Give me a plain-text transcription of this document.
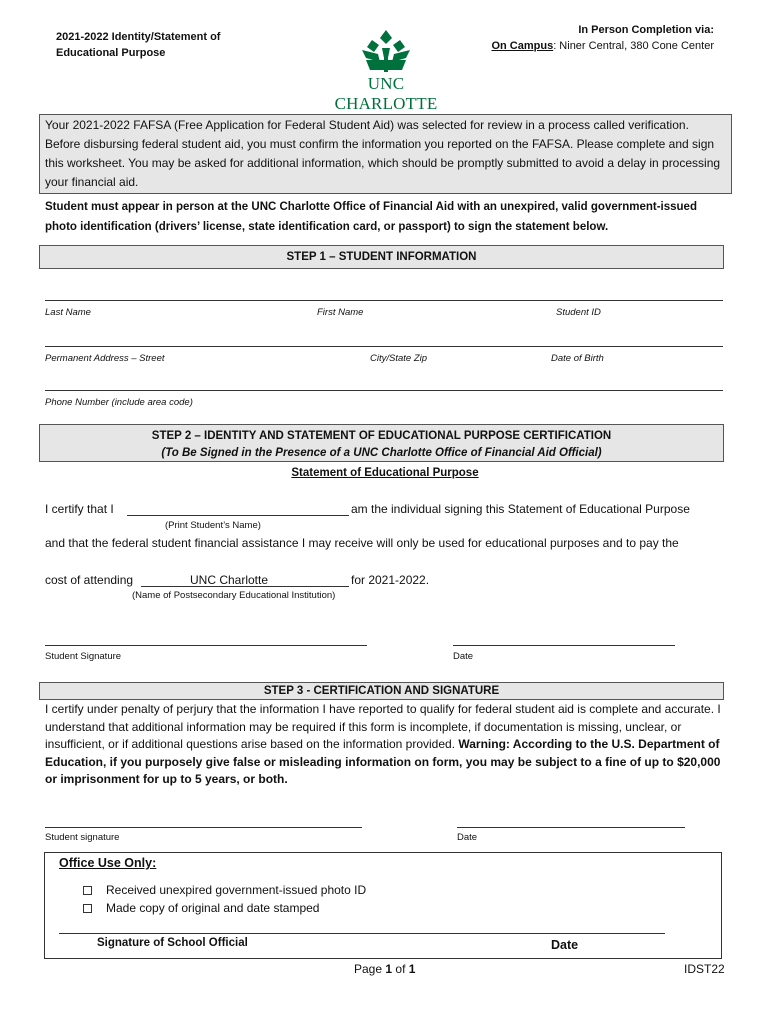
2021-2022 Identity/Statement of
Educational Purpose
UNC CHARLOTTE
In Person Completion via:
On Campus: Niner Central, 380 Cone Center
Your 2021-2022 FAFSA (Free Application for Federal Student Aid) was selected for review in a process called verification. Before disbursing federal student aid, you must confirm the information you reported on the FAFSA. Please complete and sign this worksheet. You may be asked for additional information, which should be promptly submitted to avoid a delay in processing your financial aid.
Student must appear in person at the UNC Charlotte Office of Financial Aid with an unexpired, valid government-issued photo identification (drivers’ license, state identification card, or passport) to sign the statement below.
STEP 1 – STUDENT INFORMATION
Last Name	First Name	Student ID
Permanent Address – Street	City/State Zip	Date of Birth
Phone Number (include area code)
STEP 2 – IDENTITY AND STATEMENT OF EDUCATIONAL PURPOSE CERTIFICATION
(To Be Signed in the Presence of a UNC Charlotte Office of Financial Aid Official)
Statement of Educational Purpose
I certify that I	am the individual signing this Statement of Educational Purpose
(Print Student’s Name)
and that the federal student financial assistance I may receive will only be used for educational purposes and to pay the
cost of attending	UNC Charlotte	for 2021-2022.
(Name of Postsecondary Educational Institution)
Student Signature	Date
STEP 3 - CERTIFICATION AND SIGNATURE
I certify under penalty of perjury that the information I have reported to qualify for federal student aid is complete and accurate. I understand that additional information may be required if this form is incomplete, if documentation is missing, unclear, or insufficient, or if additional questions arise based on the information provided. Warning: According to the U.S. Department of Education, if you purposely give false or misleading information on form, you may be subject to a fine of up to $20,000 or imprisonment for up to 5 years, or both.
Student signature	Date
Office Use Only:
Received unexpired government-issued photo ID
Made copy of original and date stamped
Signature of School Official	Date
Page 1 of 1	IDST22
